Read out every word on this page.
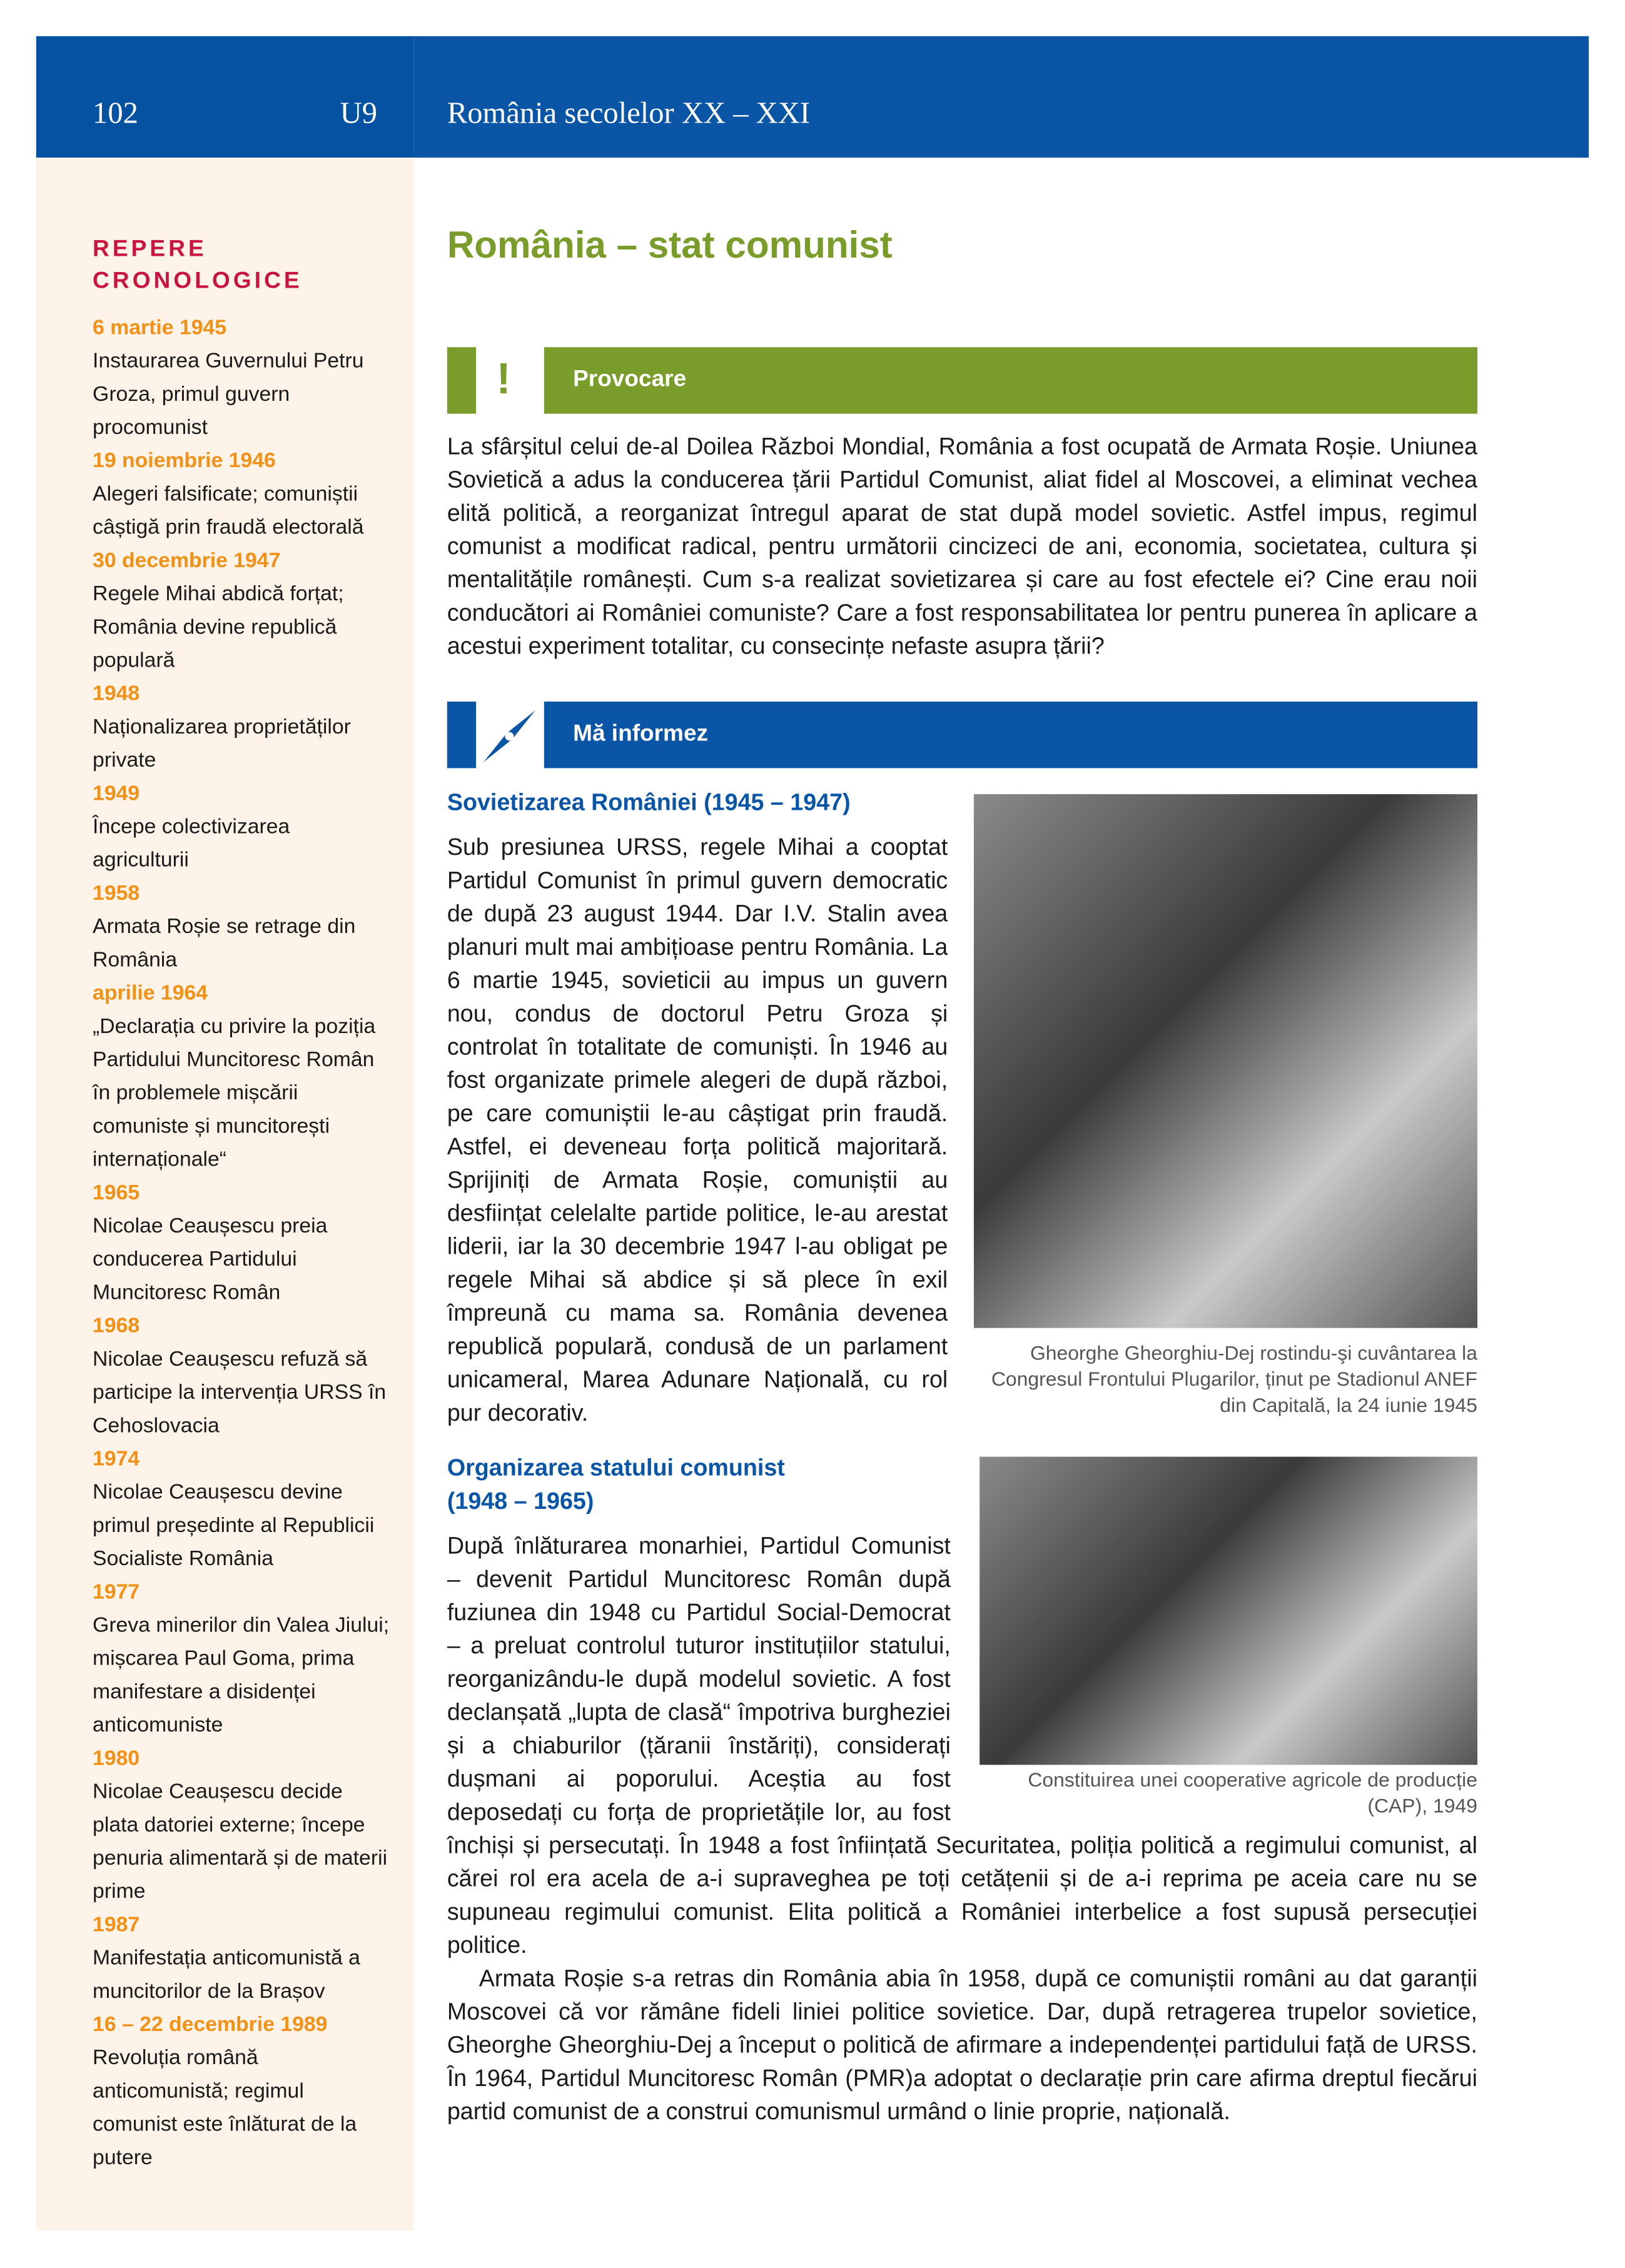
102	U9	România secolelor XX – XXI
REPERE
CRONOLOGICE
6 martie 1945
Instaurarea Guvernului Petru Groza, primul guvern procomunist
19 noiembrie 1946
Alegeri falsificate; comuniștii câștigă prin fraudă electorală
30 decembrie 1947
Regele Mihai abdică forțat; România devine republică populară
1948
Naționalizarea proprietăților private
1949
Începe colectivizarea agriculturii
1958
Armata Roșie se retrage din România
aprilie 1964
„Declarația cu privire la poziția Partidului Muncitoresc Român în problemele mișcării comuniste și muncitorești internaționale“
1965
Nicolae Ceaușescu preia conducerea Partidului Muncitoresc Român
1968
Nicolae Ceaușescu refuză să participe la intervenția URSS în Cehoslovacia
1974
Nicolae Ceaușescu devine primul președinte al Republicii Socialiste România
1977
Greva minerilor din Valea Jiului; mișcarea Paul Goma, prima manifestare a disidenței anticomuniste
1980
Nicolae Ceaușescu decide plata datoriei externe; începe penuria alimentară și de materii prime
1987
Manifestația anticomunistă a muncitorilor de la Brașov
16 – 22 decembrie 1989
Revoluția română anticomunistă; regimul comunist este înlăturat de la putere
România – stat comunist
!	Provocare
La sfârșitul celui de-al Doilea Război Mondial, România a fost ocupată de Armata Roșie. Uniunea Sovietică a adus la conducerea țării Partidul Comunist, aliat fidel al Moscovei, a eliminat vechea elită politică, a reorganizat întregul aparat de stat după model sovietic. Astfel impus, regimul comunist a modificat radical, pentru următorii cincizeci de ani, economia, societatea, cultura și mentalitățile românești. Cum s-a realizat sovietizarea și care au fost efectele ei? Cine erau noii conducători ai României comuniste? Care a fost responsabilitatea lor pentru punerea în aplicare a acestui experiment totalitar, cu consecințe nefaste asupra țării?
Mă informez
Sovietizarea României (1945 – 1947)
Sub presiunea URSS, regele Mihai a cooptat Partidul Comunist în primul guvern democratic de după 23 august 1944. Dar I.V. Stalin avea planuri mult mai ambițioase pentru România. La 6 martie 1945, sovieticii au impus un guvern nou, condus de doctorul Petru Groza și controlat în totalitate de comuniști. În 1946 au fost organizate primele alegeri de după război, pe care comuniștii le-au câștigat prin fraudă. Astfel, ei deveneau forța politică majoritară. Sprijiniți de Armata Roșie, comuniștii au desființat celelalte partide politice, le-au arestat liderii, iar la 30 decembrie 1947 l-au obligat pe regele Mihai să abdice și să plece în exil împreună cu mama sa. România devenea republică populară, condusă de un parlament unicameral, Marea Adunare Națională, cu rol pur decorativ.
Gheorghe Gheorghiu-Dej rostindu-şi cuvântarea la Congresul Frontului Plugarilor, ținut pe Stadionul ANEF din Capitală, la 24 iunie 1945
Constituirea unei cooperative agricole de producție (CAP), 1949
Organizarea statului comunist (1948 – 1965)
După înlăturarea monarhiei, Partidul Comunist – devenit Partidul Muncitoresc Român după fuziunea din 1948 cu Partidul Social-Democrat – a preluat controlul tuturor instituțiilor statului, reorganizându-le după modelul sovietic. A fost declanșată „lupta de clasă“ împotriva burgheziei și a chiaburilor (țăranii înstăriți), considerați dușmani ai poporului. Aceștia au fost deposedați cu forța de proprietățile lor, au fost închiși și persecutați. În 1948 a fost înființată Securitatea, poliția politică a regimului comunist, al cărei rol era acela de a-i supraveghea pe toți cetățenii și de a-i reprima pe aceia care nu se supuneau regimului comunist. Elita politică a României interbelice a fost supusă persecuției politice.
Armata Roșie s-a retras din România abia în 1958, după ce comuniștii români au dat garanții Moscovei că vor rămâne fideli liniei politice sovietice. Dar, după retragerea trupelor sovietice, Gheorghe Gheorghiu-Dej a început o politică de afirmare a independenței partidului față de URSS. În 1964, Partidul Muncitoresc Român (PMR)a adoptat o declarație prin care afirma dreptul fiecărui partid comunist de a construi comunismul urmând o linie proprie, națională.
